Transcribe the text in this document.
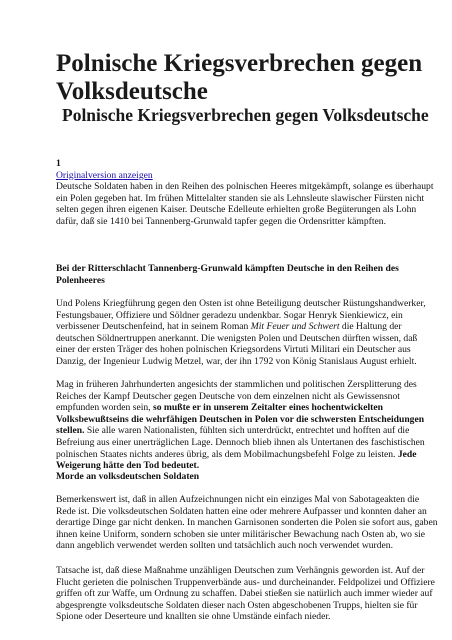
Polnische Kriegsverbrechen gegen Volksdeutsche
Polnische Kriegsverbrechen gegen Volksdeutsche
1
Originalversion anzeigen
Deutsche Soldaten haben in den Reihen des polnischen Heeres mitgekämpft, solange es überhaupt ein Polen gegeben hat. Im frühen Mittelalter standen sie als Lehnsleute slawischer Fürsten nicht selten gegen ihren eigenen Kaiser. Deutsche Edelleute erhielten große Begüterungen als Lohn dafür, daß sie 1410 bei Tannenberg-Grunwald tapfer gegen die Ordensritter kämpften.

Bei der Ritterschlacht Tannenberg-Grunwald kämpften Deutsche in den Reihen des Polenheeres

Und Polens Kriegführung gegen den Osten ist ohne Beteiligung deutscher Rüstungshandwerker, Festungsbauer, Offiziere und Söldner geradezu undenkbar. Sogar Henryk Sienkiewicz, ein verbissener Deutschenfeind, hat in seinem Roman Mit Feuer und Schwert die Haltung der deutschen Söldnertruppen anerkannt. Die wenigsten Polen und Deutschen dürften wissen, daß einer der ersten Träger des hohen polnischen Kriegsordens Virtuti Militari ein Deutscher aus Danzig, der Ingenieur Ludwig Metzel, war, der ihn 1792 von König Stanislaus August erhielt.

Mag in früheren Jahrhunderten angesichts der stammlichen und politischen Zersplitterung des Reiches der Kampf Deutscher gegen Deutsche von dem einzelnen nicht als Gewissensnot empfunden worden sein, so mußte er in unserem Zeitalter eines hochentwickelten Volksbewußtseins die wehrfähigen Deutschen in Polen vor die schwersten Entscheidungen stellen. Sie alle waren Nationalisten, fühlten sich unterdrückt, entrechtet und hofften auf die Befreiung aus einer unerträglichen Lage. Dennoch blieb ihnen als Untertanen des faschistischen polnischen Staates nichts anderes übrig, als dem Mobilmachungsbefehl Folge zu leisten. Jede Weigerung hätte den Tod bedeutet.

Morde an volksdeutschen Soldaten

Bemerkenswert ist, daß in allen Aufzeichnungen nicht ein einziges Mal von Sabotageakten die Rede ist. Die volksdeutschen Soldaten hatten eine oder mehrere Aufpasser und konnten daher an derartige Dinge gar nicht denken. In manchen Garnisonen sonderten die Polen sie sofort aus, gaben ihnen keine Uniform, sondern schoben sie unter militärischer Bewachung nach Osten ab, wo sie dann angeblich verwendet werden sollten und tatsächlich auch noch verwendet wurden.

Tatsache ist, daß diese Maßnahme unzähligen Deutschen zum Verhängnis geworden ist. Auf der Flucht gerieten die polnischen Truppenverbände aus- und durcheinander. Feldpolizei und Offiziere griffen oft zur Waffe, um Ordnung zu schaffen. Dabei stießen sie natürlich auch immer wieder auf abgesprengte volksdeutsche Soldaten dieser nach Osten abgeschobenen Trupps, hielten sie für Spione oder Deserteure und knallten sie ohne Umstände einfach nieder.
